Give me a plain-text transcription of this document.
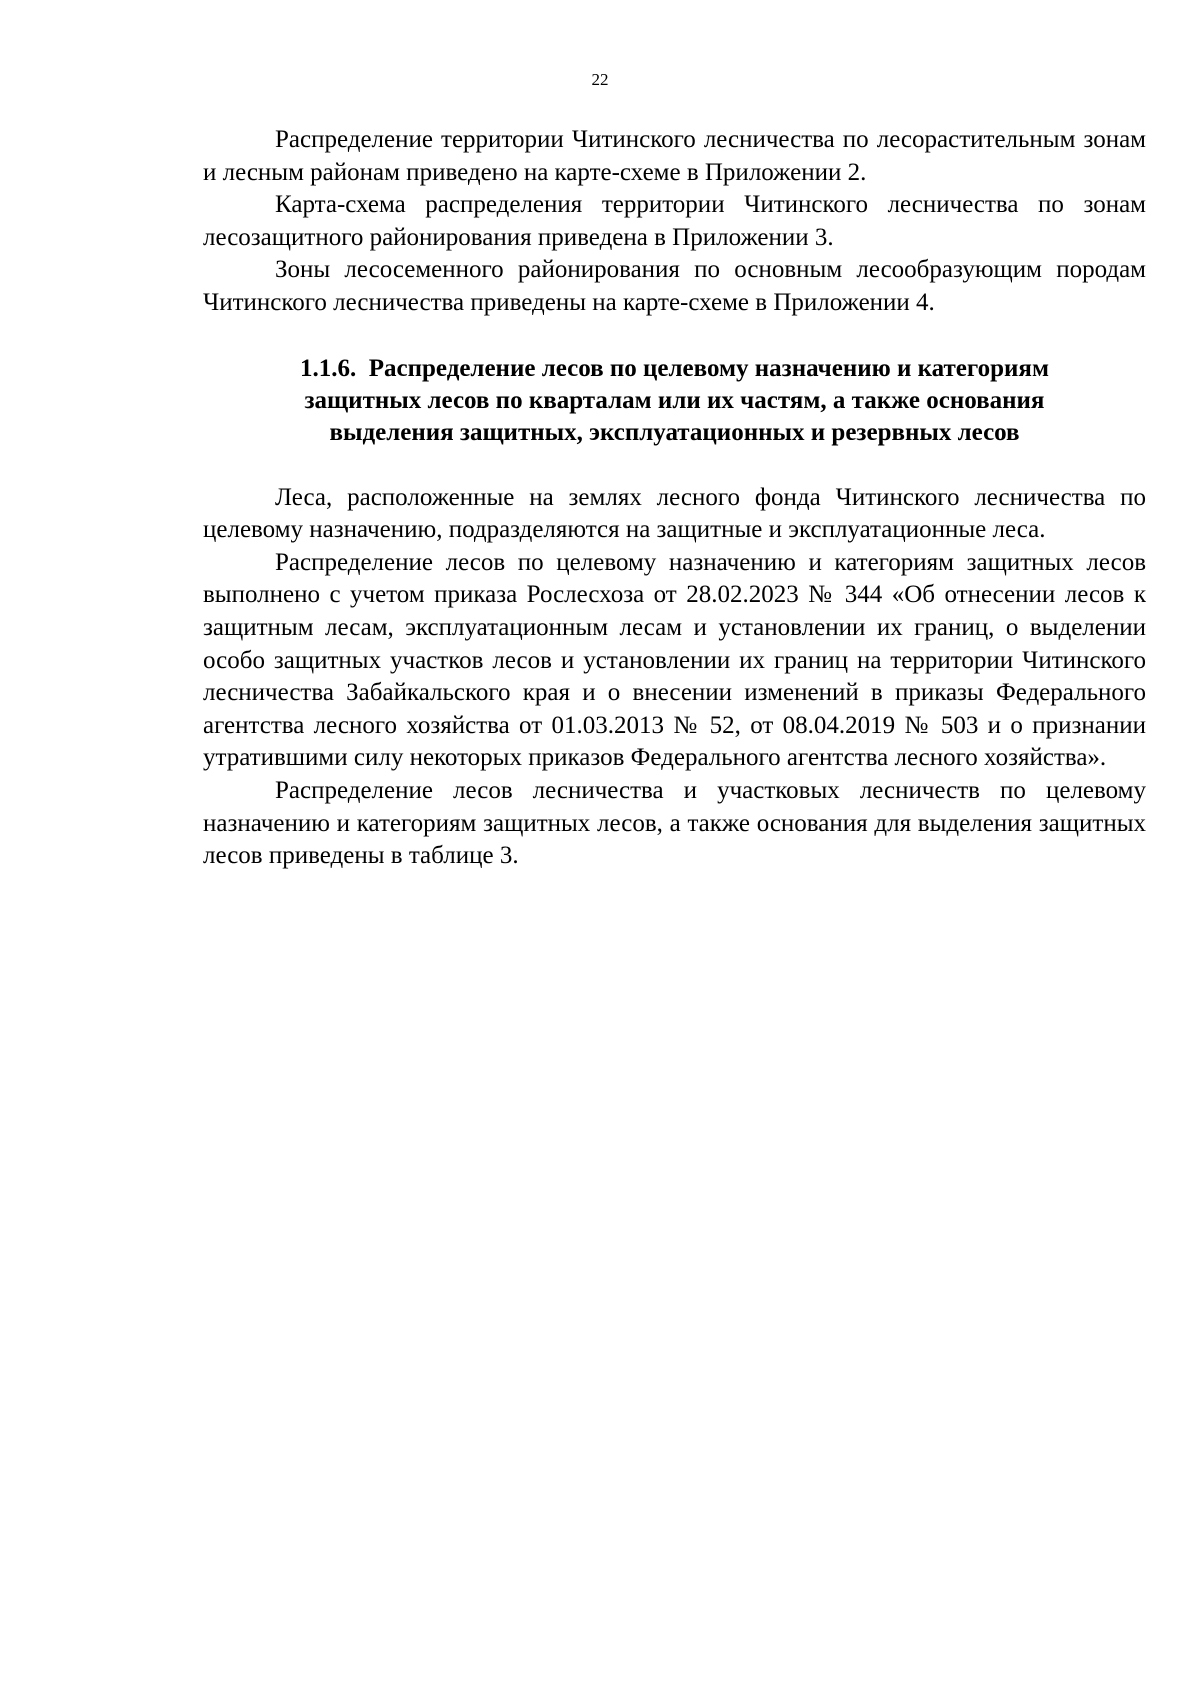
22

Распределение территории Читинского лесничества по лесорастительным зонам и лесным районам приведено на карте-схеме в Приложении 2.

Карта-схема распределения территории Читинского лесничества по зонам лесозащитного районирования приведена в Приложении 3.

Зоны лесосеменного районирования по основным лесообразующим породам Читинского лесничества приведены на карте-схеме в Приложении 4.

1.1.6. Распределение лесов по целевому назначению и категориям
защитных лесов по кварталам или их частям, а также основания
выделения защитных, эксплуатационных и резервных лесов

Леса, расположенные на землях лесного фонда Читинского лесничества по целевому назначению, подразделяются на защитные и эксплуатационные леса.

Распределение лесов по целевому назначению и категориям защитных лесов выполнено с учетом приказа Рослесхоза от 28.02.2023 № 344 «Об отнесении лесов к защитным лесам, эксплуатационным лесам и установлении их границ, о выделении особо защитных участков лесов и установлении их границ на территории Читинского лесничества Забайкальского края и о внесении изменений в приказы Федерального агентства лесного хозяйства от 01.03.2013 № 52, от 08.04.2019 № 503 и о признании утратившими силу некоторых приказов Федерального агентства лесного хозяйства».

Распределение лесов лесничества и участковых лесничеств по целевому назначению и категориям защитных лесов, а также основания для выделения защитных лесов приведены в таблице 3.
